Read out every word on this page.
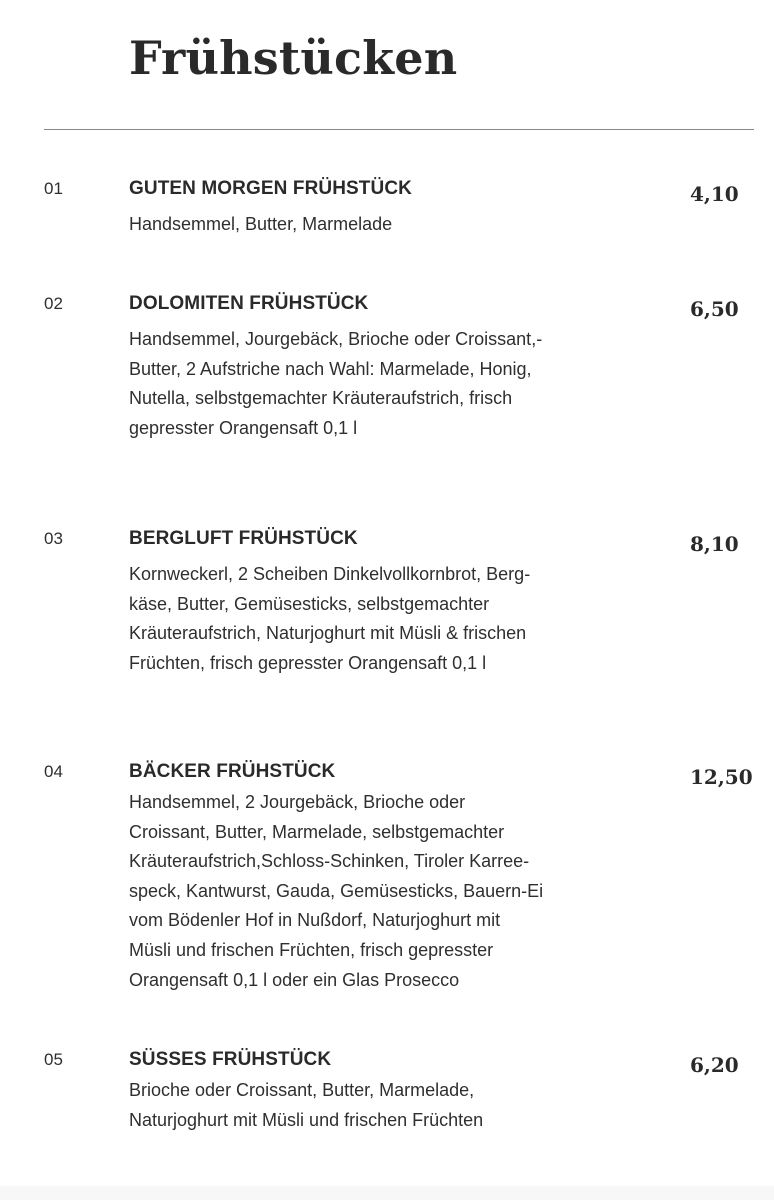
Frühstücken
01	GUTEN MORGEN FRÜHSTÜCK
Handsemmel, Butter, Marmelade
4,10
02	DOLOMITEN FRÜHSTÜCK
Handsemmel, Jourgebäck, Brioche oder Croissant,-
Butter, 2 Aufstriche nach Wahl: Marmelade, Honig,
Nutella, selbstgemachter Kräuteraufstrich, frisch
gepresster Orangensaft 0,1 l
6,50
03	BERGLUFT FRÜHSTÜCK
Kornweckerl, 2 Scheiben Dinkelvollkornbrot, Berg-
käse, Butter, Gemüsesticks, selbstgemachter
Kräuteraufstrich, Naturjoghurt mit Müsli & frischen
Früchten, frisch gepresster Orangensaft 0,1 l
8,10
04	BÄCKER FRÜHSTÜCK
Handsemmel, 2 Jourgebäck, Brioche oder
Croissant, Butter, Marmelade, selbstgemachter
Kräuteraufstrich,Schloss-Schinken, Tiroler Karree-
speck, Kantwurst, Gauda, Gemüsesticks, Bauern-Ei
vom Bödenler Hof in Nußdorf, Naturjoghurt mit
Müsli und frischen Früchten, frisch gepresster
Orangensaft 0,1 l oder ein Glas Prosecco
12,50
05	SÜSSES FRÜHSTÜCK
Brioche oder Croissant, Butter, Marmelade,
Naturjoghurt mit Müsli und frischen Früchten
6,20
